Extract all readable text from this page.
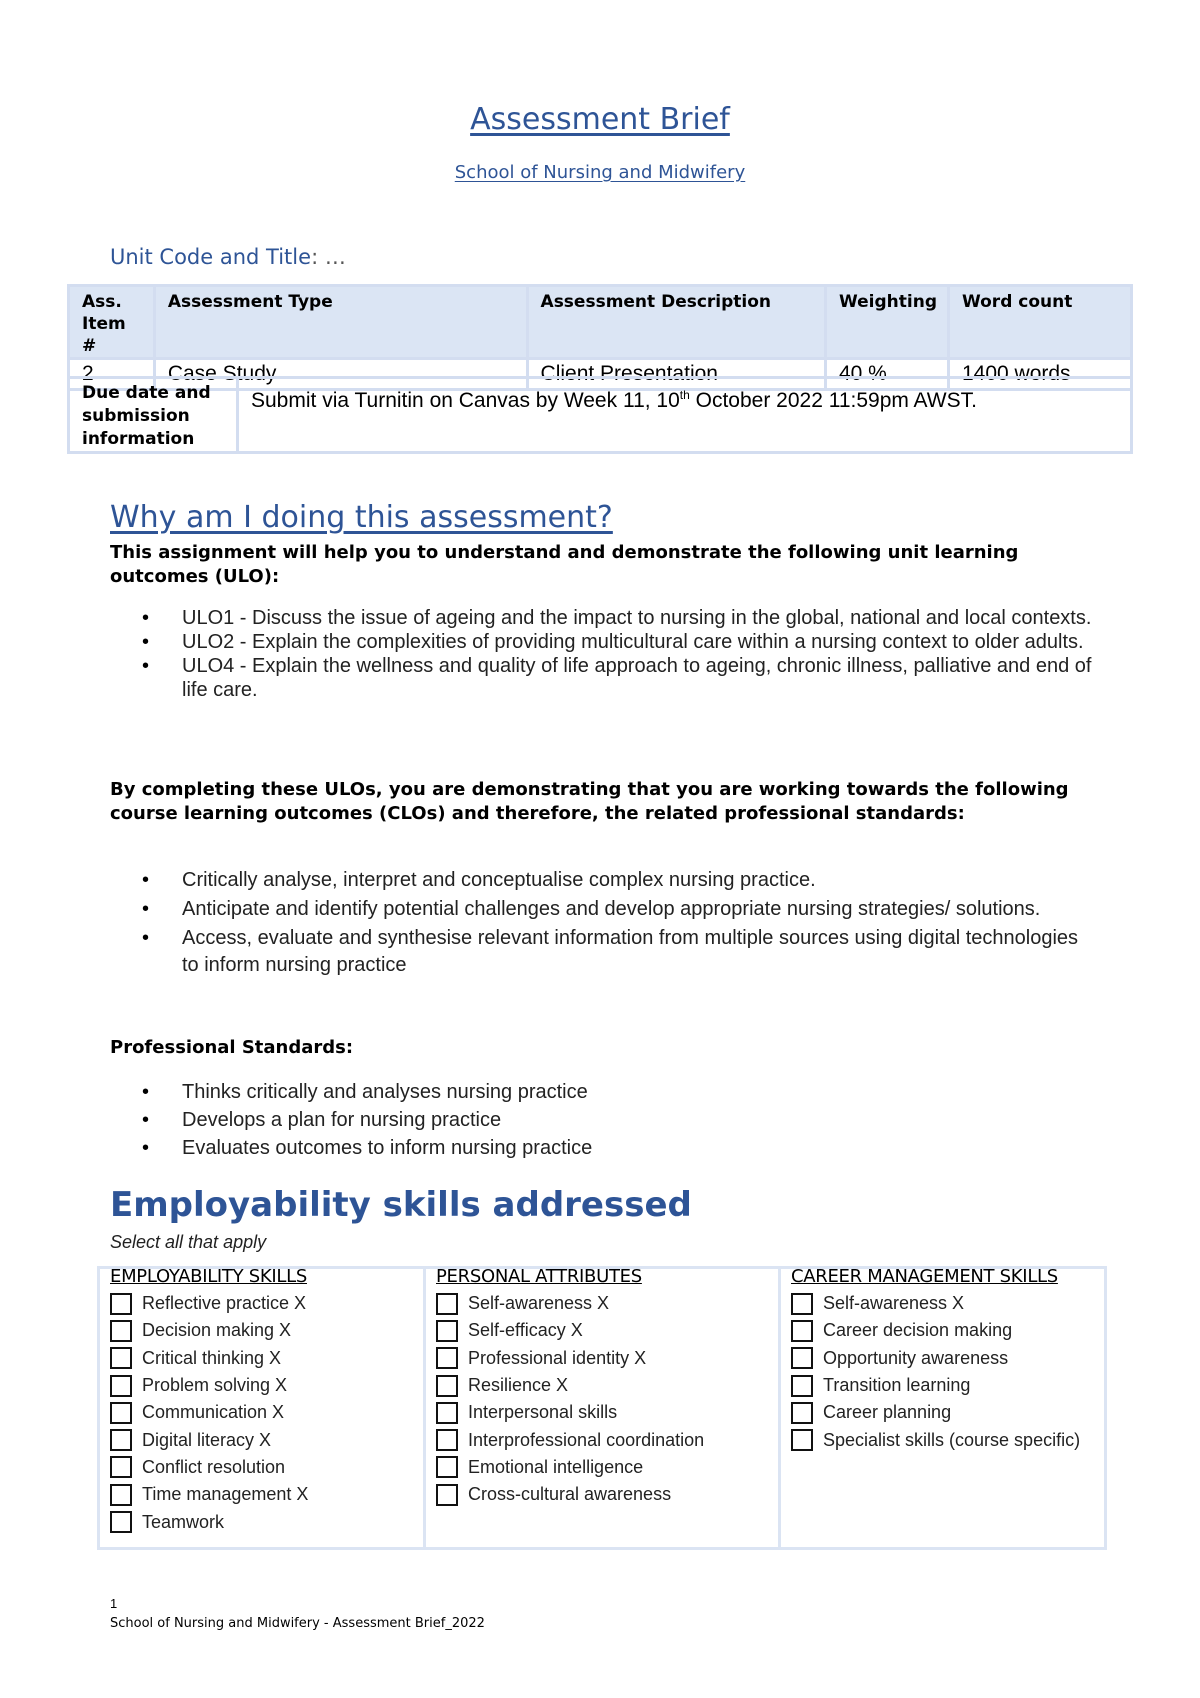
Assessment Brief
School of Nursing and Midwifery
Unit Code and Title: …
Ass. Item #	Assessment Type	Assessment Description	Weighting	Word count
2	Case Study	Client Presentation	40 %	1400 words
Due date and submission information	Submit via Turnitin on Canvas by Week 11, 10th October 2022 11:59pm AWST.
Why am I doing this assessment?
This assignment will help you to understand and demonstrate the following unit learning outcomes (ULO):
• ULO1 - Discuss the issue of ageing and the impact to nursing in the global, national and local contexts.
• ULO2 - Explain the complexities of providing multicultural care within a nursing context to older adults.
• ULO4 - Explain the wellness and quality of life approach to ageing, chronic illness, palliative and end of life care.
By completing these ULOs, you are demonstrating that you are working towards the following course learning outcomes (CLOs) and therefore, the related professional standards:
• Critically analyse, interpret and conceptualise complex nursing practice.
• Anticipate and identify potential challenges and develop appropriate nursing strategies/ solutions.
• Access, evaluate and synthesise relevant information from multiple sources using digital technologies to inform nursing practice
Professional Standards:
• Thinks critically and analyses nursing practice
• Develops a plan for nursing practice
• Evaluates outcomes to inform nursing practice
Employability skills addressed
Select all that apply
EMPLOYABILITY SKILLS
Reflective practice X
Decision making X
Critical thinking X
Problem solving X
Communication X
Digital literacy X
Conflict resolution
Time management X
Teamwork
PERSONAL ATTRIBUTES
Self-awareness X
Self-efficacy X
Professional identity X
Resilience X
Interpersonal skills
Interprofessional coordination
Emotional intelligence
Cross-cultural awareness
CAREER MANAGEMENT SKILLS
Self-awareness X
Career decision making
Opportunity awareness
Transition learning
Career planning
Specialist skills (course specific)
1
School of Nursing and Midwifery - Assessment Brief_2022
